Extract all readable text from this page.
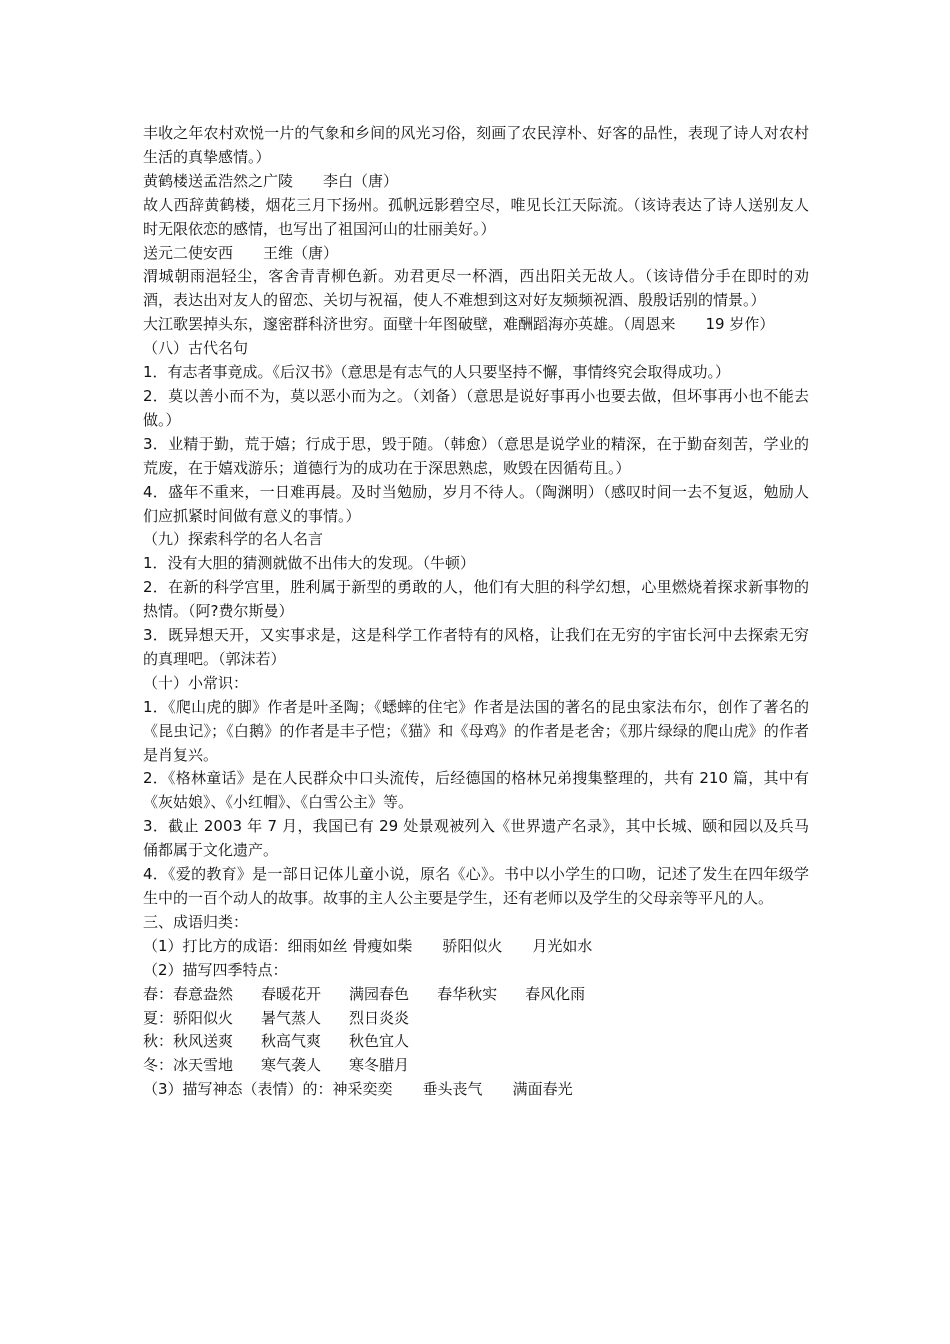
丰收之年农村欢悦一片的气象和乡间的风光习俗，刻画了农民淳朴、好客的品性，表现了诗人对农村生活的真挚感情。）

黄鹤楼送孟浩然之广陵 李白（唐）

故人西辞黄鹤楼，烟花三月下扬州。孤帆远影碧空尽，唯见长江天际流。（该诗表达了诗人送别友人时无限依恋的感情，也写出了祖国河山的壮丽美好。）

送元二使安西 王维（唐）

渭城朝雨浥轻尘，客舍青青柳色新。劝君更尽一杯酒，西出阳关无故人。（该诗借分手在即时的劝酒，表达出对友人的留恋、关切与祝福，使人不难想到这对好友频频祝酒、殷殷话别的情景。）

大江歌罢掉头东，邃密群科济世穷。面壁十年图破壁，难酬蹈海亦英雄。（周恩来 19 岁作）

（八）古代名句

1．有志者事竟成。《后汉书》（意思是有志气的人只要坚持不懈，事情终究会取得成功。）

2．莫以善小而不为，莫以恶小而为之。（刘备）（意思是说好事再小也要去做，但坏事再小也不能去做。）

3．业精于勤，荒于嬉；行成于思，毁于随。（韩愈）（意思是说学业的精深，在于勤奋刻苦，学业的荒废，在于嬉戏游乐；道德行为的成功在于深思熟虑，败毁在因循苟且。）

4．盛年不重来，一日难再晨。及时当勉励，岁月不待人。（陶渊明）（感叹时间一去不复返，勉励人们应抓紧时间做有意义的事情。）

（九）探索科学的名人名言

1．没有大胆的猜测就做不出伟大的发现。（牛顿）

2．在新的科学宫里，胜利属于新型的勇敢的人，他们有大胆的科学幻想，心里燃烧着探求新事物的热情。（阿?费尔斯曼）

3．既异想天开，又实事求是，这是科学工作者特有的风格，让我们在无穷的宇宙长河中去探索无穷的真理吧。（郭沫若）

（十）小常识：

1．《爬山虎的脚》作者是叶圣陶；《蟋蟀的住宅》作者是法国的著名的昆虫家法布尔，创作了著名的《昆虫记》；《白鹅》的作者是丰子恺；《猫》和《母鸡》的作者是老舍；《那片绿绿的爬山虎》的作者是肖复兴。

2．《格林童话》是在人民群众中口头流传，后经德国的格林兄弟搜集整理的，共有 210 篇，其中有《灰姑娘》、《小红帽》、《白雪公主》等。

3．截止 2003 年 7 月，我国已有 29 处景观被列入《世界遗产名录》，其中长城、颐和园以及兵马俑都属于文化遗产。

4．《爱的教育》是一部日记体儿童小说，原名《心》。书中以小学生的口吻，记述了发生在四年级学生中的一百个动人的故事。故事的主人公主要是学生，还有老师以及学生的父母亲等平凡的人。

三、成语归类：

（1）打比方的成语：细雨如丝 骨瘦如柴 骄阳似火 月光如水

（2）描写四季特点：

春：春意盎然 春暖花开 满园春色 春华秋实 春风化雨

夏：骄阳似火 暑气蒸人 烈日炎炎

秋：秋风送爽 秋高气爽 秋色宜人

冬：冰天雪地 寒气袭人 寒冬腊月

（3）描写神态（表情）的：神采奕奕 垂头丧气 满面春光
